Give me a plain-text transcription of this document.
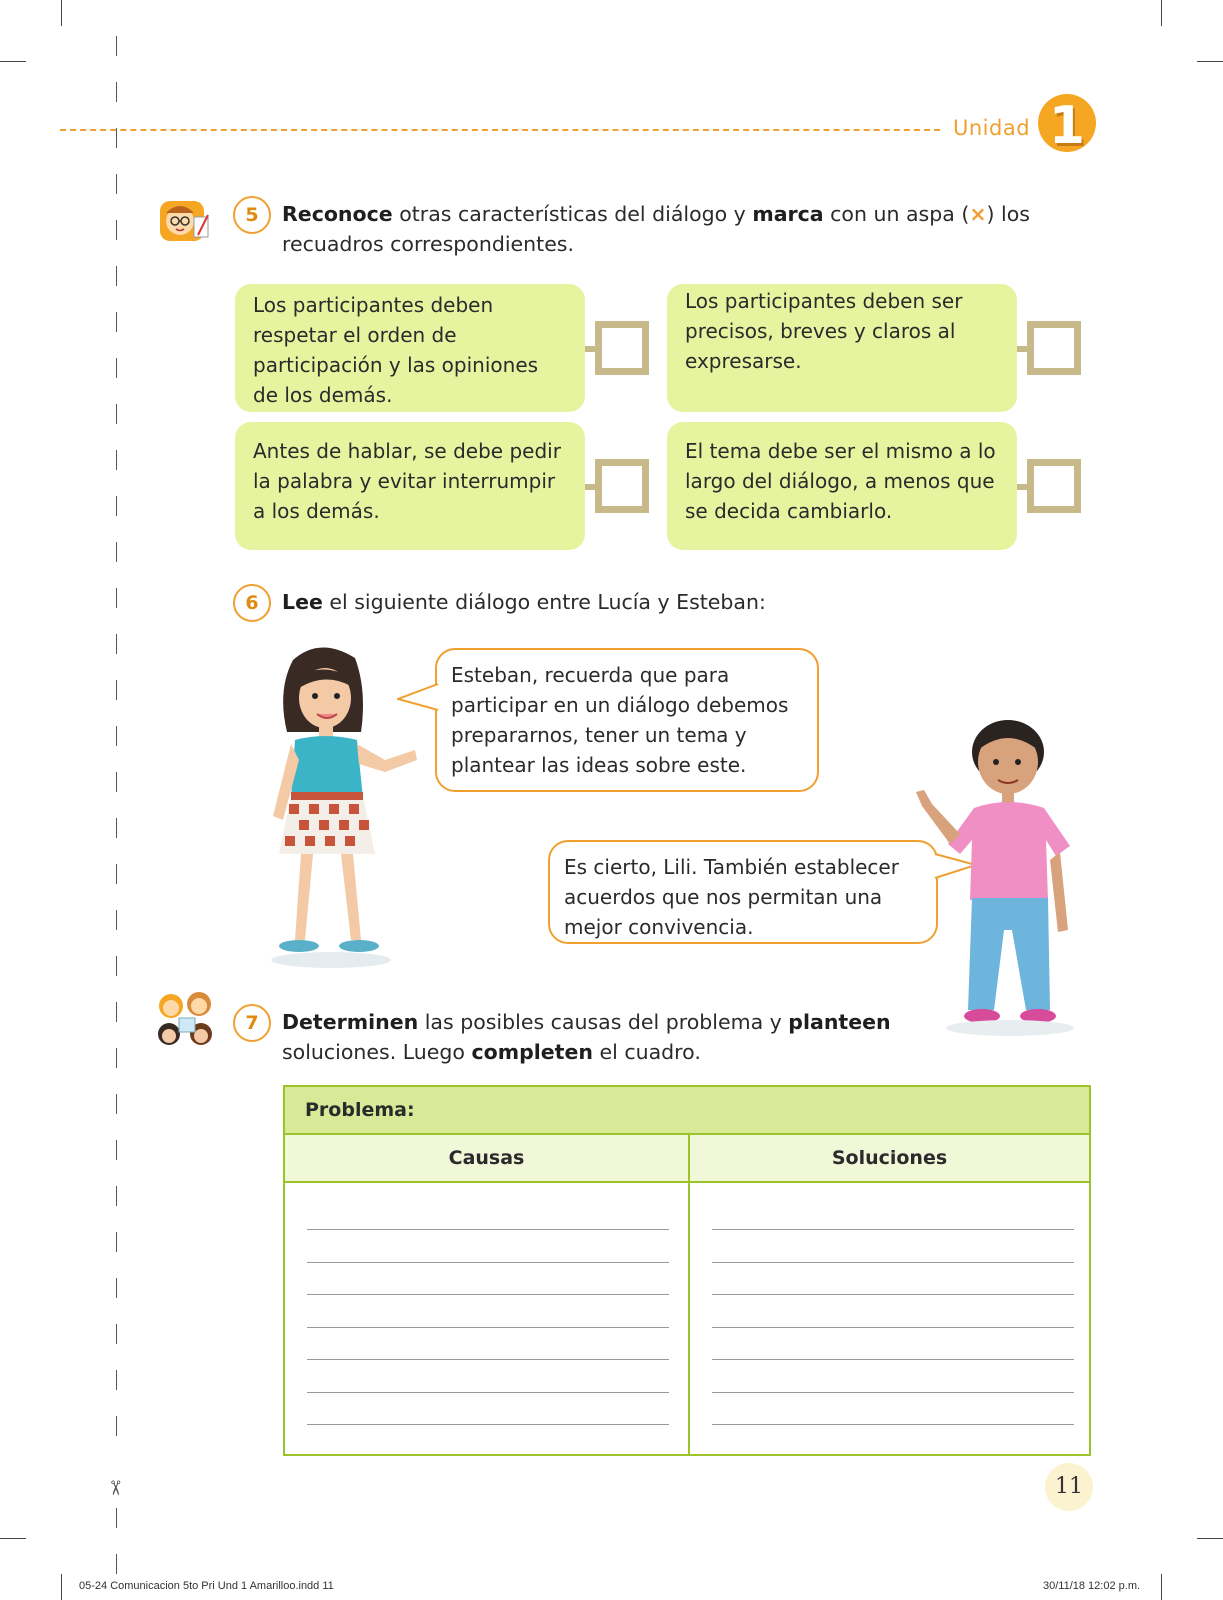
✂
Unidad 1
5	Reconoce otras características del diálogo y marca con un aspa (×) los recuadros correspondientes.
Los participantes deben respetar el orden de participación y las opiniones de los demás.
Los participantes deben ser precisos, breves y claros al expresarse.
Antes de hablar, se debe pedir la palabra y evitar interrumpir a los demás.
El tema debe ser el mismo a lo largo del diálogo, a menos que se decida cambiarlo.
6	Lee el siguiente diálogo entre Lucía y Esteban:
Esteban, recuerda que para participar en un diálogo debemos prepararnos, tener un tema y plantear las ideas sobre este.
Es cierto, Lili. También establecer acuerdos que nos permitan una mejor convivencia.
7	Determinen las posibles causas del problema y planteen soluciones. Luego completen el cuadro.
Problema:
Causas	Soluciones
11
05-24 Comunicacion 5to Pri Und 1 Amarilloo.indd 11	30/11/18 12:02 p.m.
